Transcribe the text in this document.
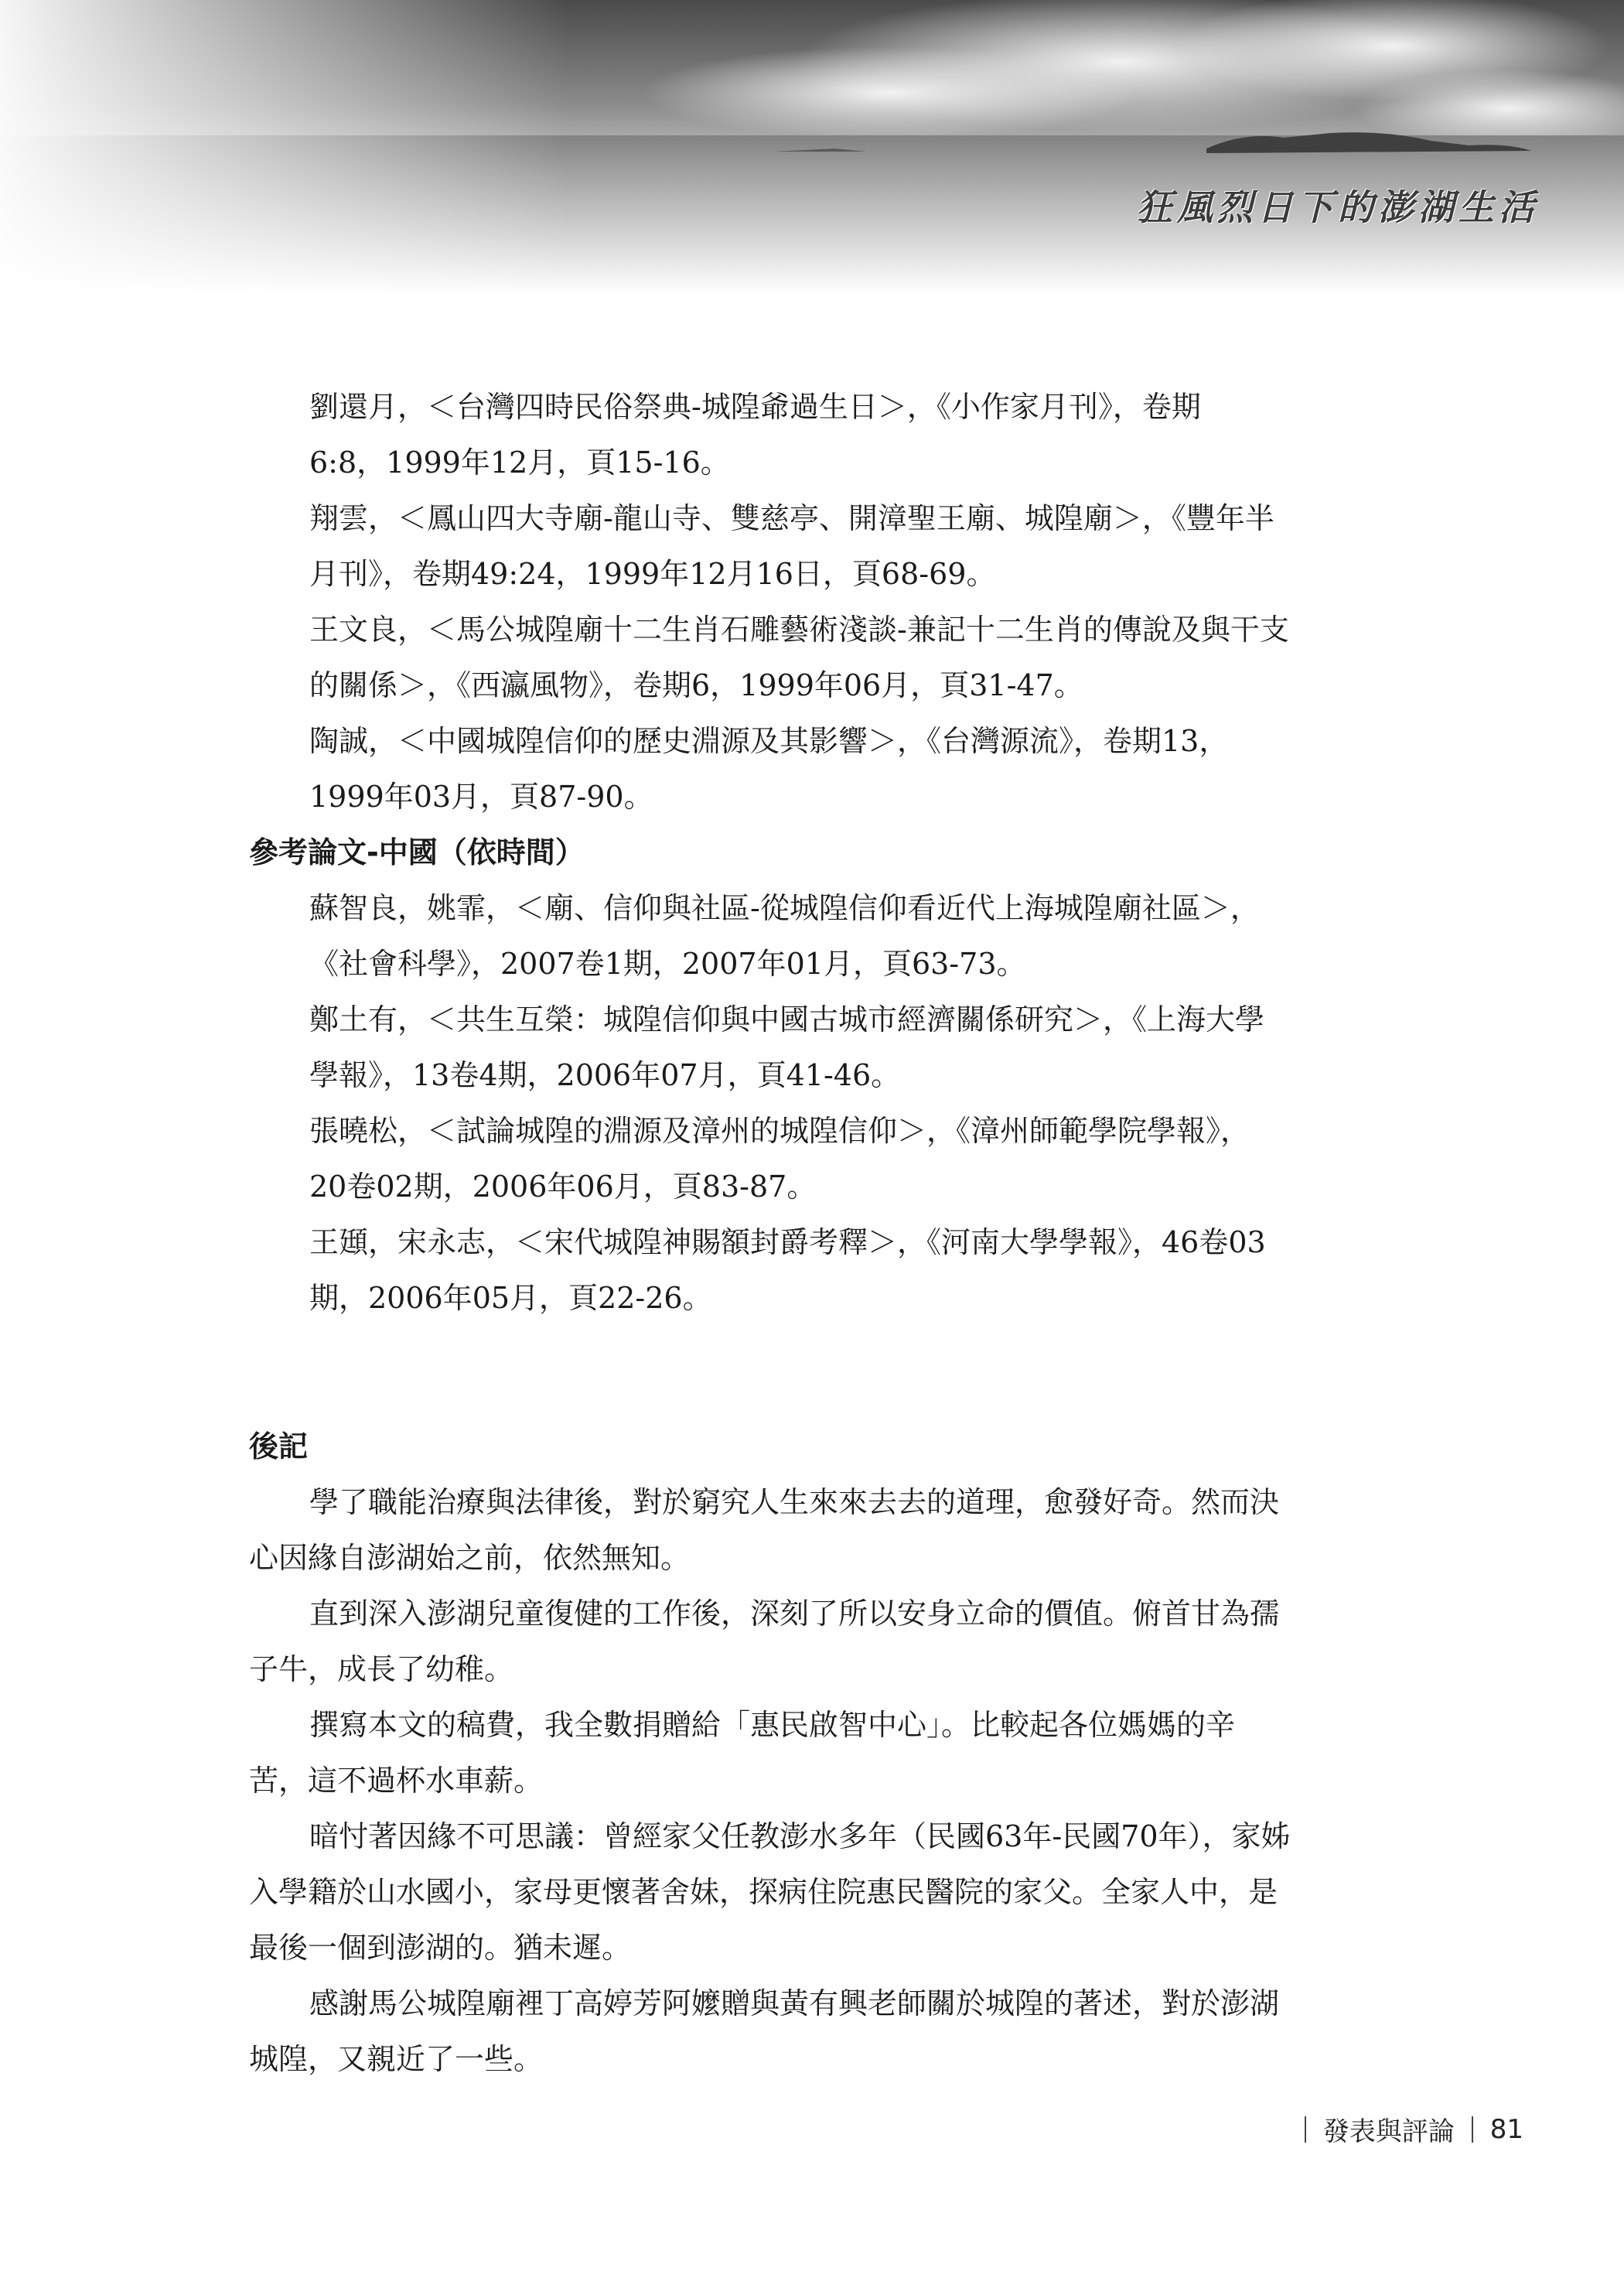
狂風烈日下的澎湖生活

劉還月，＜台灣四時民俗祭典-城隍爺過生日＞，《小作家月刊》，卷期
6:8，1999年12月，頁15-16。

翔雲，＜鳳山四大寺廟-龍山寺、雙慈亭、開漳聖王廟、城隍廟＞，《豐年半
月刊》，卷期49:24，1999年12月16日，頁68-69。

王文良，＜馬公城隍廟十二生肖石雕藝術淺談-兼記十二生肖的傳說及與干支
的關係＞，《西瀛風物》，卷期6，1999年06月，頁31-47。

陶誠，＜中國城隍信仰的歷史淵源及其影響＞，《台灣源流》，卷期13，
1999年03月，頁87-90。

參考論文-中國（依時間）

蘇智良，姚霏，＜廟、信仰與社區-從城隍信仰看近代上海城隍廟社區＞，
《社會科學》，2007卷1期，2007年01月，頁63-73。

鄭土有，＜共生互榮：城隍信仰與中國古城市經濟關係研究＞，《上海大學
學報》，13卷4期，2006年07月，頁41-46。

張曉松，＜試論城隍的淵源及漳州的城隍信仰＞，《漳州師範學院學報》，
20卷02期，2006年06月，頁83-87。

王頲，宋永志，＜宋代城隍神賜額封爵考釋＞，《河南大學學報》，46卷03
期，2006年05月，頁22-26。

後記

學了職能治療與法律後，對於窮究人生來來去去的道理，愈發好奇。然而決
心因緣自澎湖始之前，依然無知。

直到深入澎湖兒童復健的工作後，深刻了所以安身立命的價值。俯首甘為孺
子牛，成長了幼稚。

撰寫本文的稿費，我全數捐贈給「惠民啟智中心」。比較起各位媽媽的辛
苦，這不過杯水車薪。

暗忖著因緣不可思議：曾經家父任教澎水多年（民國63年-民國70年），家姊
入學籍於山水國小，家母更懷著舍妹，探病住院惠民醫院的家父。全家人中，是
最後一個到澎湖的。猶未遲。

感謝馬公城隍廟裡丁高婷芳阿嬤贈與黃有興老師關於城隍的著述，對於澎湖
城隍，又親近了一些。

發表與評論 81
